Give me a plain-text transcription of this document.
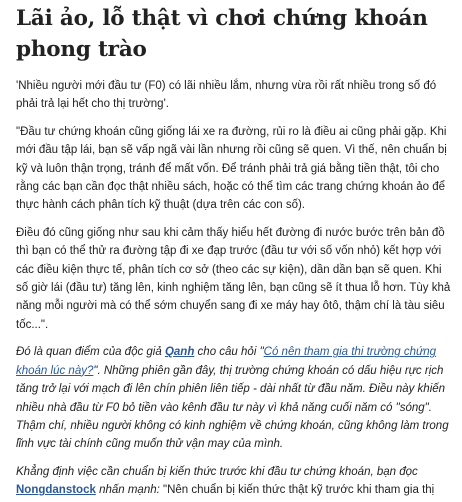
Lãi ảo, lỗ thật vì chơi chứng khoán phong trào

'Nhiều người mới đầu tư (F0) có lãi nhiều lắm, nhưng vừa rồi rất nhiều trong số đó phải trả lại hết cho thị trường'.

"Đầu tư chứng khoán cũng giống lái xe ra đường, rủi ro là điều ai cũng phải gặp. Khi mới đầu tập lái, bạn sẽ vấp ngã vài lần nhưng rồi cũng sẽ quen. Vì thế, nên chuẩn bị kỹ và luôn thận trọng, tránh để mất vốn. Để tránh phải trả giá bằng tiền thật, tôi cho rằng các bạn cần đọc thật nhiều sách, hoặc có thể tìm các trang chứng khoán ảo để thực hành cách phân tích kỹ thuật (dựa trên các con số).

Điều đó cũng giống như sau khi cảm thấy hiểu hết đường đi nước bước trên bản đồ thì bạn có thể thử ra đường tập đi xe đạp trước (đầu tư với số vốn nhỏ) kết hợp với các điều kiện thực tế, phân tích cơ sở (theo các sự kiện), dần dần bạn sẽ quen. Khi số giờ lái (đầu tư) tăng lên, kinh nghiệm tăng lên, bạn cũng sẽ ít thua lỗ hơn. Tùy khả năng mỗi người mà có thể sớm chuyển sang đi xe máy hay ôtô, thậm chí là tàu siêu tốc...".

Đó là quan điểm của độc giả Qanh cho câu hỏi "Có nên tham gia thị trường chứng khoán lúc này?". Những phiên gần đây, thị trường chứng khoán có dấu hiệu rực rịch tăng trở lại với mạch đi lên chín phiên liên tiếp - dài nhất từ đầu năm. Điều này khiến nhiều nhà đầu từ F0 bỏ tiền vào kênh đầu tư này vì khả năng cuối năm có "sóng". Thậm chí, nhiều người không có kinh nghiệm về chứng khoán, cũng không làm trong lĩnh vực tài chính cũng muốn thử vận may của mình.

Khẳng định việc cần chuẩn bị kiến thức trước khi đầu tư chứng khoán, bạn đọc Nongdanstock nhấn mạnh: "Nên chuẩn bị kiến thức thật kỹ trước khi tham gia thị
